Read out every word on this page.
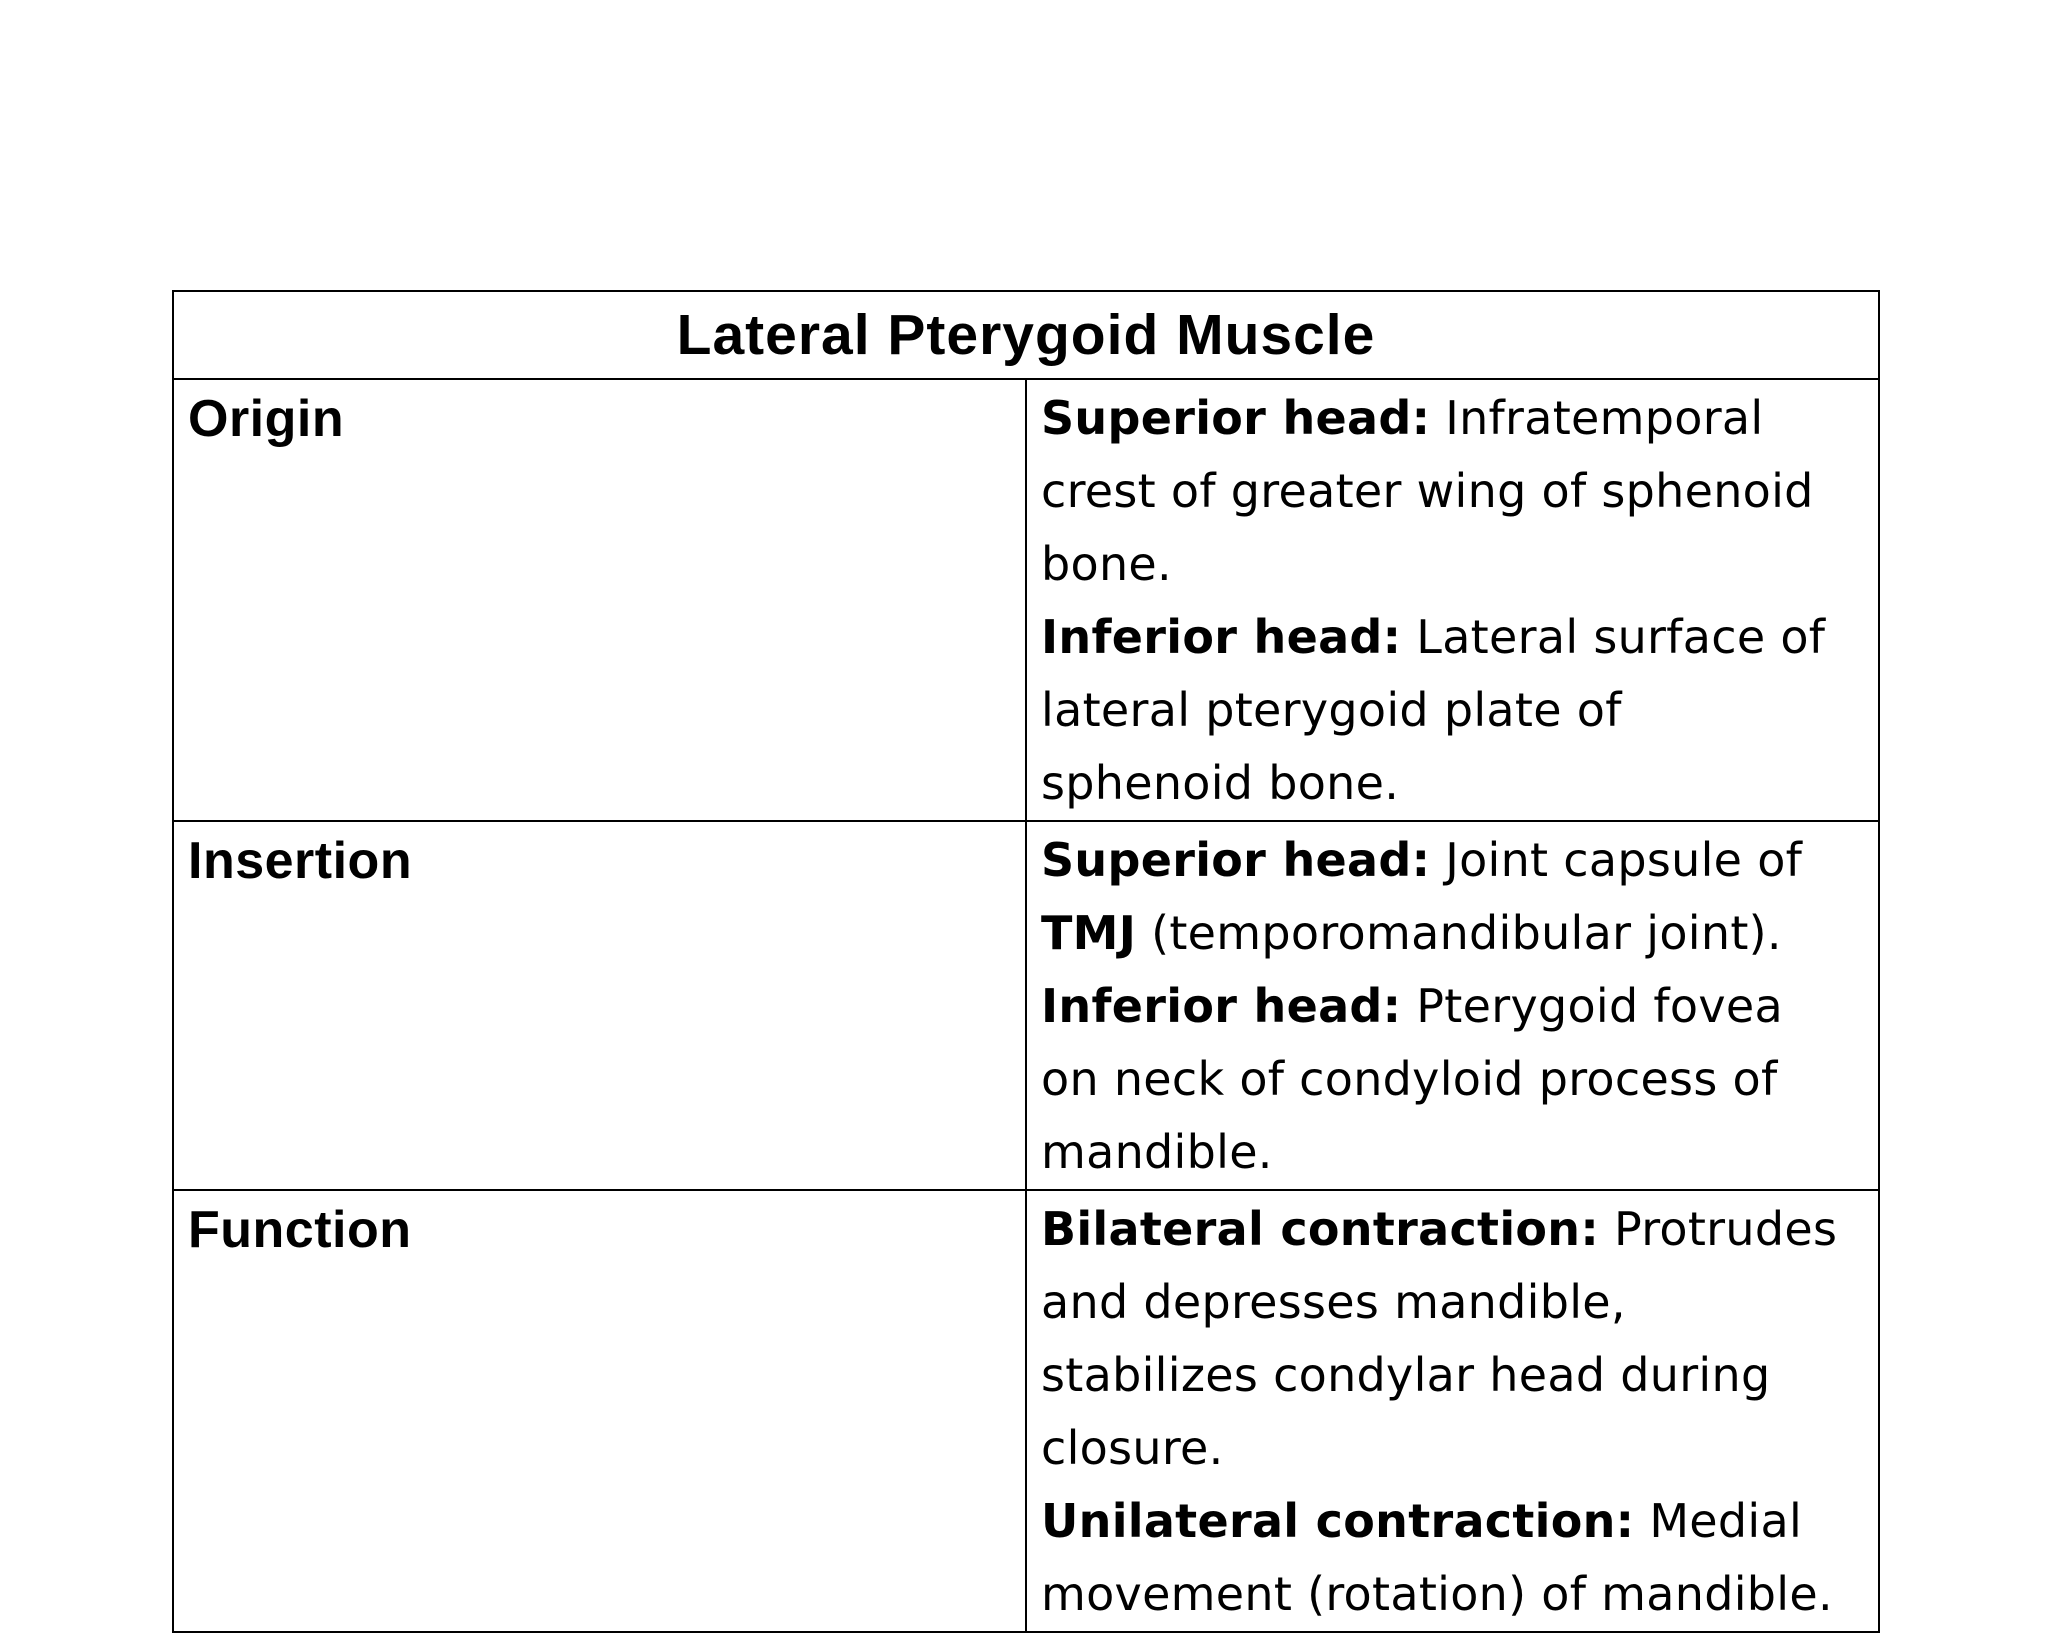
Lateral Pterygoid Muscle	
Origin	Superior head: Infratemporal crest of greater wing of sphenoid bone.
Inferior head: Lateral surface of lateral pterygoid plate of sphenoid bone.

Insertion	Superior head: Joint capsule of TMJ (temporomandibular joint).
Inferior head: Pterygoid fovea on neck of condyloid process of mandible.

Function	Bilateral contraction: Protrudes and depresses mandible, stabilizes condylar head during closure.
Unilateral contraction: Medial movement (rotation) of mandible.
